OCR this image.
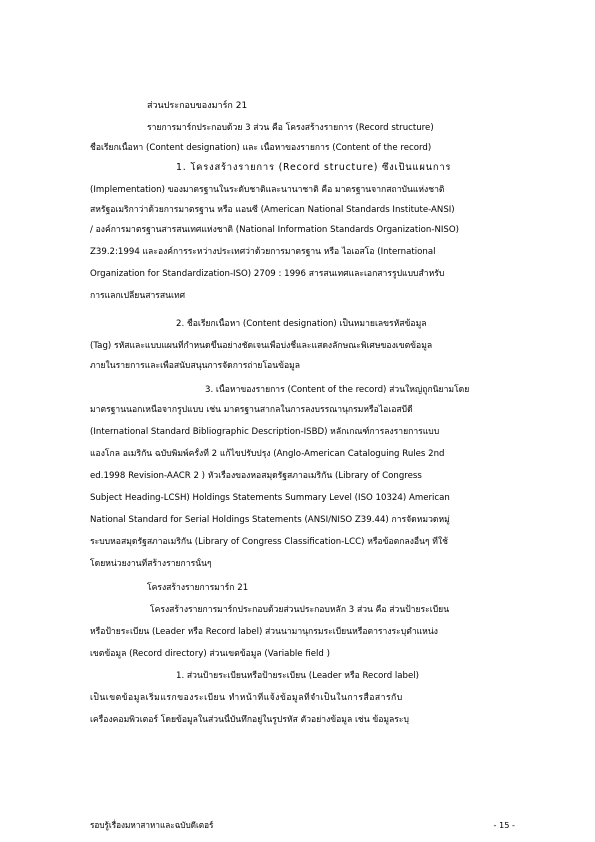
ส่วนประกอบของมาร์ก 21
รายการมาร์กประกอบด้วย 3 ส่วน คือ โครงสร้างรายการ (Record structure)
ชื่อเรียกเนื้อหา (Content designation) และ เนื้อหาของรายการ (Content of the record)
1. โครงสร้างรายการ (Record structure) ซึ่งเป็นแผนการ
(Implementation) ของมาตรฐานในระดับชาติและนานาชาติ คือ มาตรฐานจากสถาบันแห่งชาติ
สหรัฐอเมริกาว่าด้วยการมาตรฐาน หรือ แอนซี (American National Standards Institute-ANSI)
/ องค์การมาตรฐานสารสนเทศแห่งชาติ (National Information Standards Organization-NISO)
Z39.2:1994 และองค์การระหว่างประเทศว่าด้วยการมาตรฐาน หรือ ไอเอสโอ (International
Organization for Standardization-ISO) 2709 : 1996 สารสนเทศและเอกสารรูปแบบสำหรับ
การแลกเปลี่ยนสารสนเทศ
2. ชื่อเรียกเนื้อหา (Content designation) เป็นหมายเลขรหัสข้อมูล
(Tag) รหัสและแบบแผนที่กำหนดขึ้นอย่างชัดเจนเพื่อบ่งชี้และแสดงลักษณะพิเศษของเขตข้อมูล
ภายในรายการและเพื่อสนับสนุนการจัดการถ่ายโอนข้อมูล
3. เนื้อหาของรายการ (Content of the record) ส่วนใหญ่ถูกนิยามโดย
มาตรฐานนอกเหนือจากรูปแบบ เช่น มาตรฐานสากลในการลงบรรณานุกรมหรือไอเอสบีดี
(International Standard Bibliographic Description-ISBD) หลักเกณฑ์การลงรายการแบบ
แองโกล อเมริกัน ฉบับพิมพ์ครั้งที่ 2 แก้ไขปรับปรุง (Anglo-American Cataloguing Rules 2nd
ed.1998 Revision-AACR 2 ) หัวเรื่องของหอสมุดรัฐสภาอเมริกัน (Library of Congress
Subject Heading-LCSH) Holdings Statements Summary Level (ISO 10324) American
National Standard for Serial Holdings Statements (ANSI/NISO Z39.44) การจัดหมวดหมู่
ระบบหอสมุดรัฐสภาอเมริกัน (Library of Congress Classification-LCC) หรือข้อตกลงอื่นๆ ที่ใช้
โดยหน่วยงานที่สร้างรายการนั้นๆ
โครงสร้างรายการมาร์ก 21
โครงสร้างรายการมาร์กประกอบด้วยส่วนประกอบหลัก 3 ส่วน คือ ส่วนป้ายระเบียน
หรือป้ายระเบียน (Leader หรือ Record label) ส่วนนามานุกรมระเบียนหรือตารางระบุตำแหน่ง
เขตข้อมูล (Record directory) ส่วนเขตข้อมูล (Variable field )
1. ส่วนป้ายระเบียนหรือป้ายระเบียน (Leader หรือ Record label)
เป็นเขตข้อมูลเริ่มแรกของระเบียน ทำหน้าที่แจ้งข้อมูลที่จำเป็นในการสื่อสารกับ
เครื่องคอมพิวเตอร์ โดยข้อมูลในส่วนนี้บันทึกอยู่ในรูปรหัส ตัวอย่างข้อมูล เช่น ข้อมูลระบุ
รอบรู้เรื่องมหาสาหาและฉบับดีเตอร์	- 15 -
